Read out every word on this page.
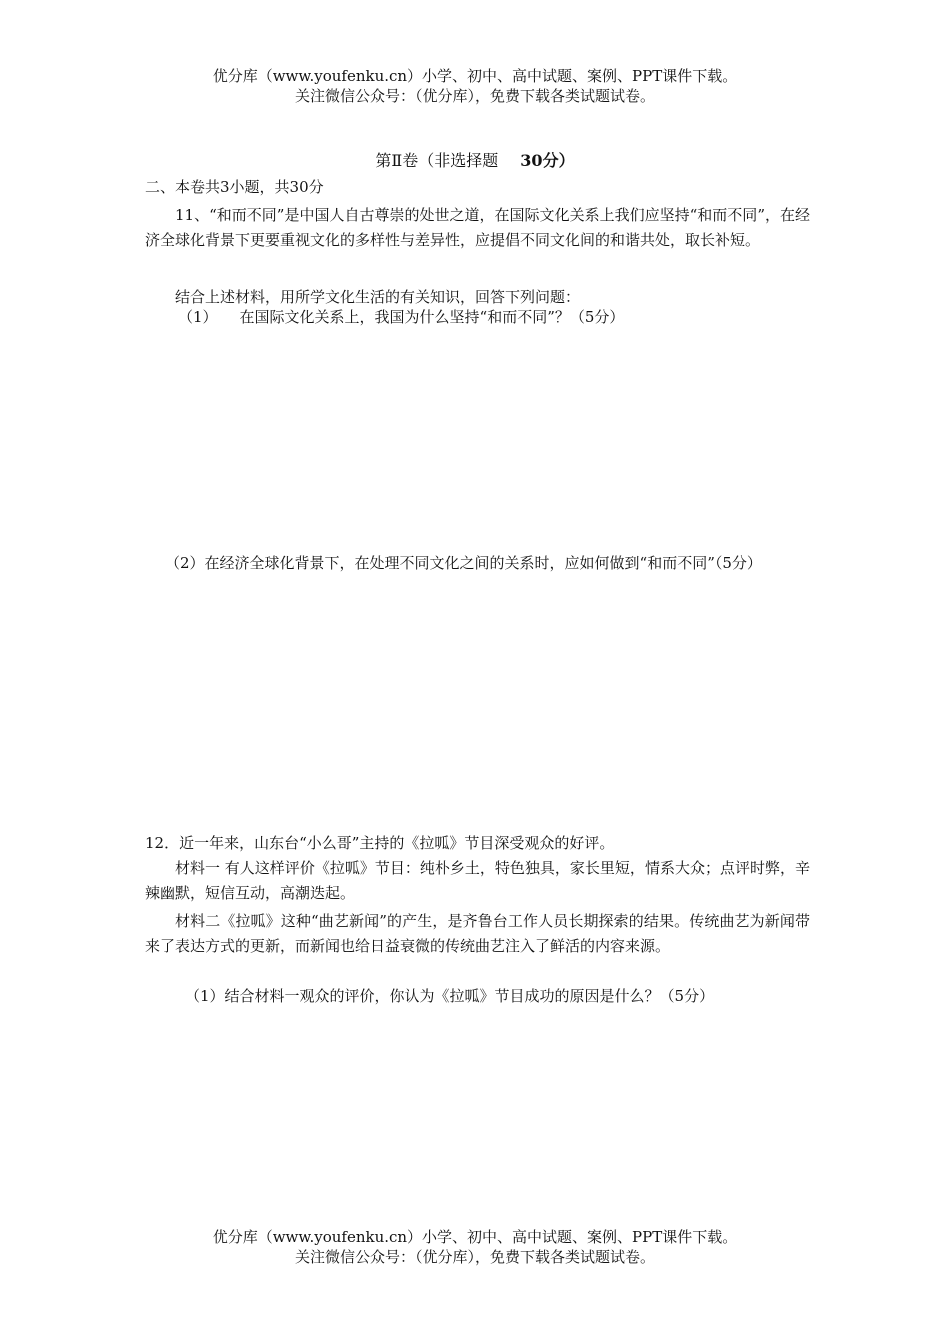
优分库（www.youfenku.cn）小学、初中、高中试题、案例、PPT课件下载。
关注微信公众号：（优分库），免费下载各类试题试卷。
第Ⅱ卷（非选择题 30分）
二、本卷共3小题，共30分
11、“和而不同”是中国人自古尊崇的处世之道，在国际文化关系上我们应坚持“和而不同”，在经济全球化背景下更要重视文化的多样性与差异性，应提倡不同文化间的和谐共处，取长补短。
结合上述材料，用所学文化生活的有关知识，回答下列问题：
（1） 在国际文化关系上，我国为什么坚持“和而不同”？（5分）
（2）在经济全球化背景下，在处理不同文化之间的关系时，应如何做到“和而不同”（5分）
12．近一年来，山东台“小么哥”主持的《拉呱》节目深受观众的好评。
材料一 有人这样评价《拉呱》节目：纯朴乡土，特色独具，家长里短，情系大众；点评时弊，辛辣幽默，短信互动，高潮迭起。
材料二《拉呱》这种“曲艺新闻”的产生，是齐鲁台工作人员长期探索的结果。传统曲艺为新闻带来了表达方式的更新，而新闻也给日益衰微的传统曲艺注入了鲜活的内容来源。
（1）结合材料一观众的评价，你认为《拉呱》节目成功的原因是什么？（5分）
优分库（www.youfenku.cn）小学、初中、高中试题、案例、PPT课件下载。
关注微信公众号：（优分库），免费下载各类试题试卷。
